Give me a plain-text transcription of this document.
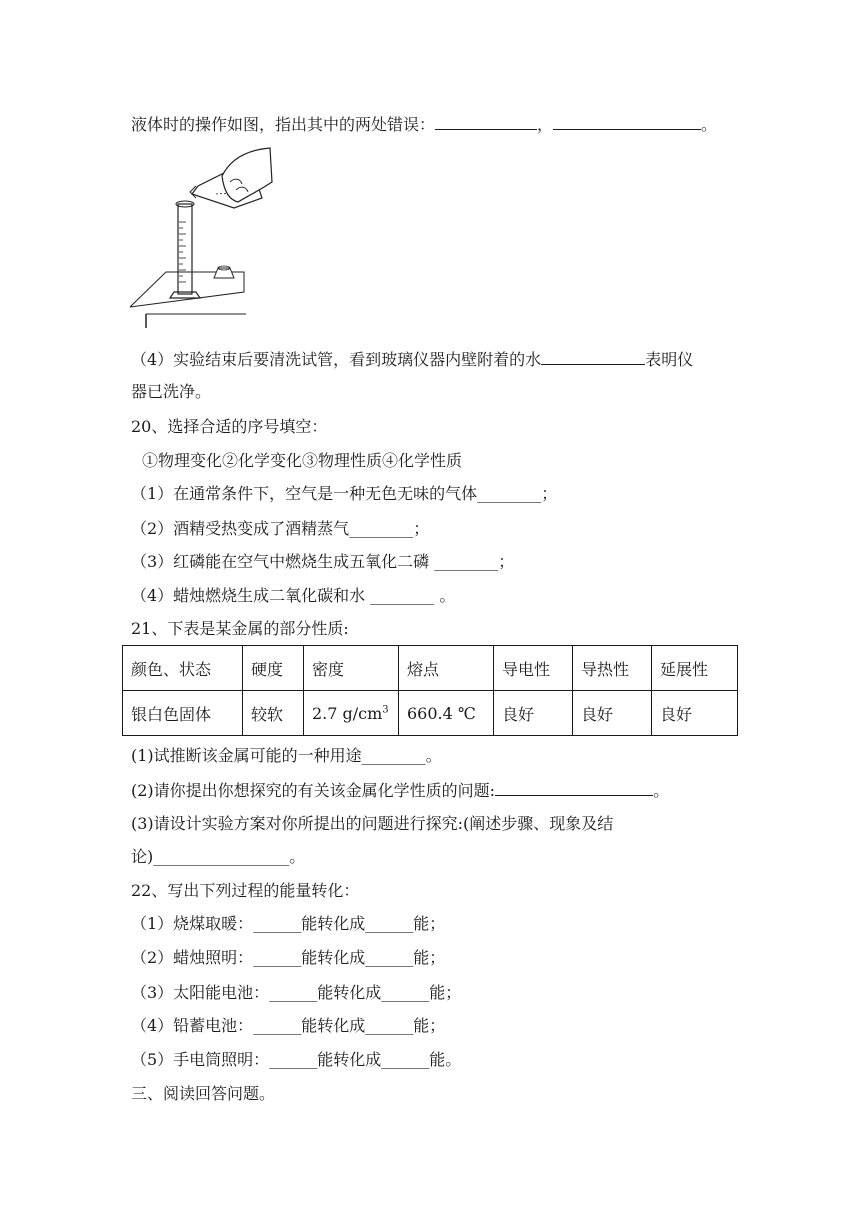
液体时的操作如图，指出其中的两处错误：	，	。
（4）实验结束后要清洗试管，看到玻璃仪器内壁附着的水	表明仪
器已洗净。
20、选择合适的序号填空：
①物理变化②化学变化③物理性质④化学性质
（1）在通常条件下，空气是一种无色无味的气体________；
（2）酒精受热变成了酒精蒸气________；
（3）红磷能在空气中燃烧生成五氧化二磷 ________；
（4）蜡烛燃烧生成二氧化碳和水 ________ 。
21、下表是某金属的部分性质:
颜色、状态	硬度	密度	熔点	导电性	导热性	延展性
银白色固体	较软	2.7 $g/cm^3$	660.4 ℃	良好	良好	良好
(1)试推断该金属可能的一种用途________。
(2)请你提出你想探究的有关该金属化学性质的问题:	。
(3)请设计实验方案对你所提出的问题进行探究:(阐述步骤、现象及结
论)_________________。
22、写出下列过程的能量转化：
（1）烧煤取暖：______能转化成______能；
（2）蜡烛照明：______能转化成______能；
（3）太阳能电池：______能转化成______能；
（4）铅蓄电池：______能转化成______能；
（5）手电筒照明：______能转化成______能。
三、阅读回答问题。
